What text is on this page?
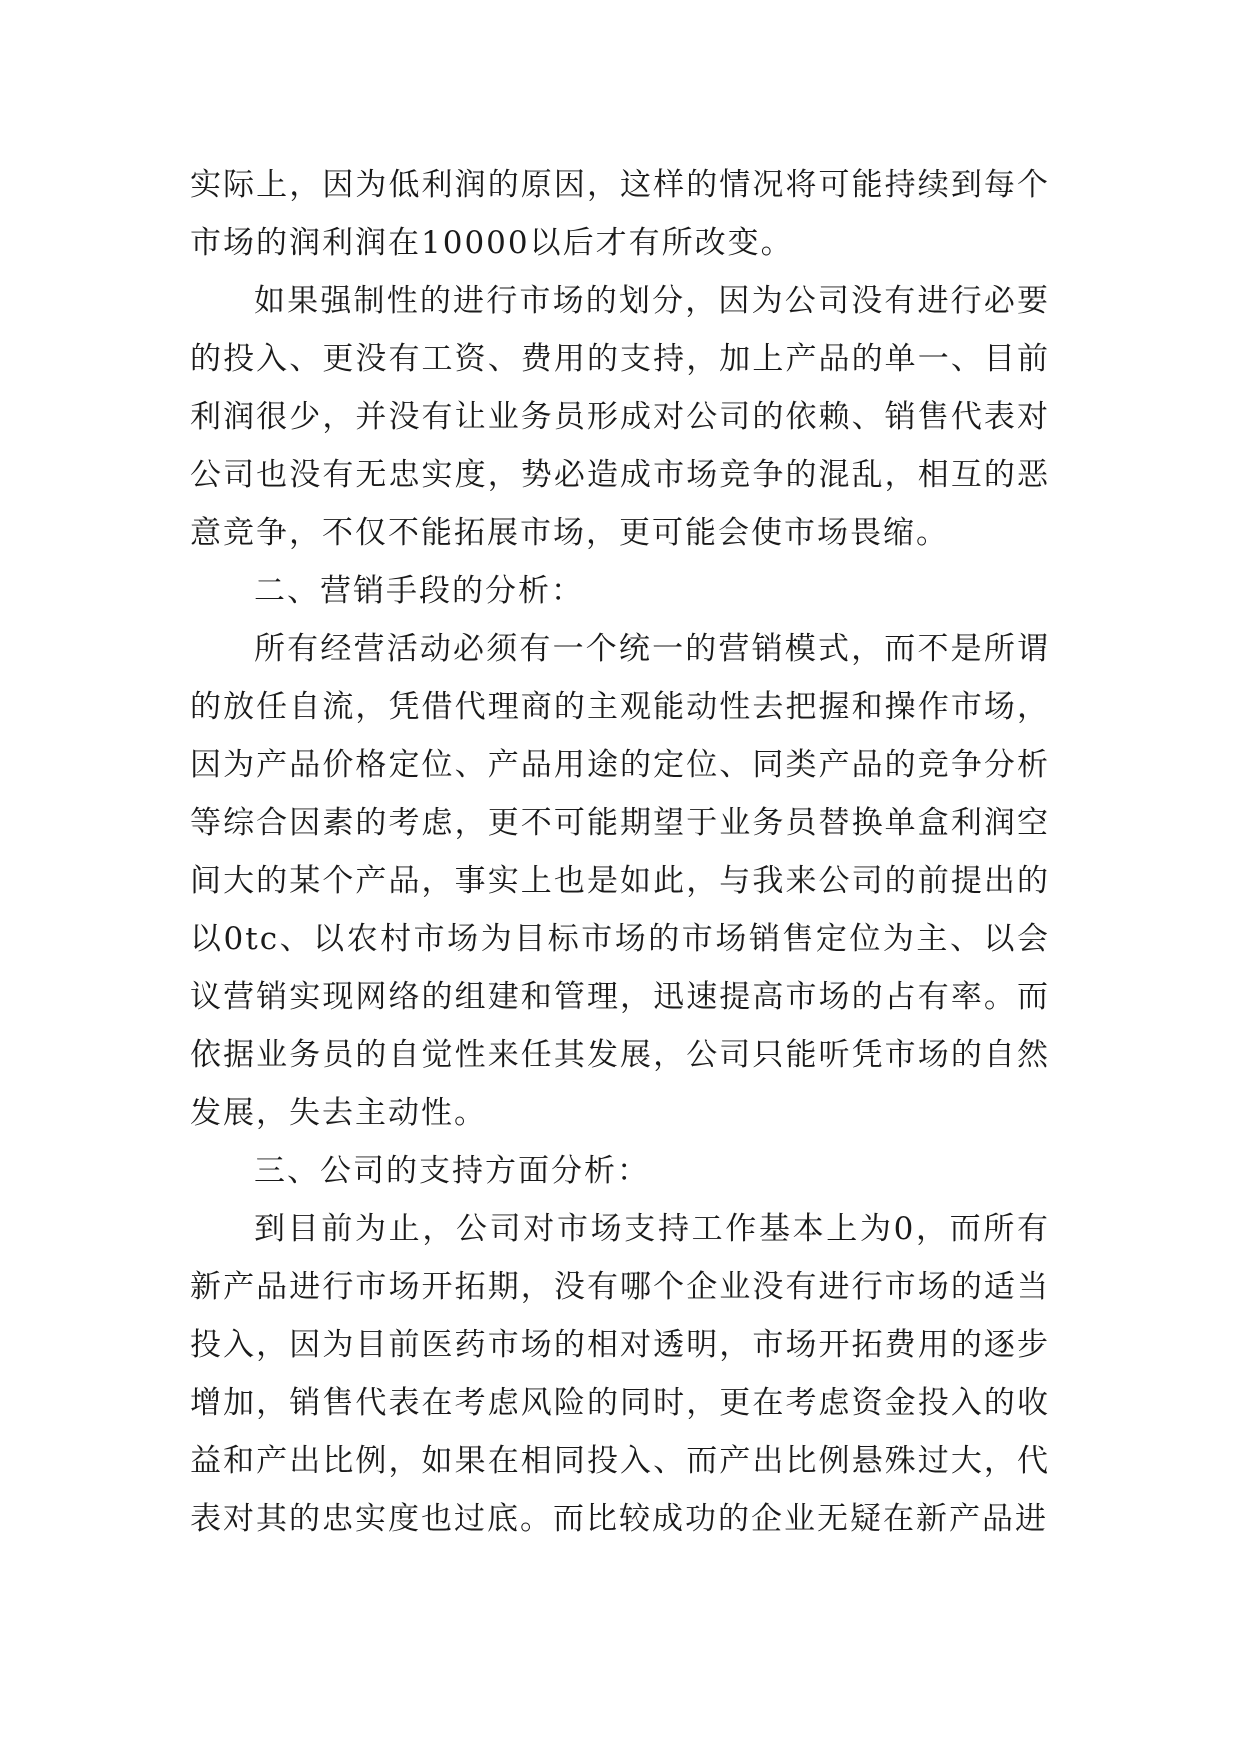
实际上，因为低利润的原因，这样的情况将可能持续到每个市场的润利润在10000以后才有所改变。

如果强制性的进行市场的划分，因为公司没有进行必要的投入、更没有工资、费用的支持，加上产品的单一、目前利润很少，并没有让业务员形成对公司的依赖、销售代表对公司也没有无忠实度，势必造成市场竞争的混乱，相互的恶意竞争，不仅不能拓展市场，更可能会使市场畏缩。

二、营销手段的分析：

所有经营活动必须有一个统一的营销模式，而不是所谓的放任自流，凭借代理商的主观能动性去把握和操作市场，因为产品价格定位、产品用途的定位、同类产品的竞争分析等综合因素的考虑，更不可能期望于业务员替换单盒利润空间大的某个产品，事实上也是如此，与我来公司的前提出的以0tc、以农村市场为目标市场的市场销售定位为主、以会议营销实现网络的组建和管理，迅速提高市场的占有率。而依据业务员的自觉性来任其发展，公司只能听凭市场的自然发展，失去主动性。

三、公司的支持方面分析：

到目前为止，公司对市场支持工作基本上为0，而所有新产品进行市场开拓期，没有哪个企业没有进行市场的适当投入，因为目前医药市场的相对透明，市场开拓费用的逐步增加，销售代表在考虑风险的同时，更在考虑资金投入的收益和产出比例，如果在相同投入、而产出比例悬殊过大，代表对其的忠实度也过底。而比较成功的企业无疑在新产品进
